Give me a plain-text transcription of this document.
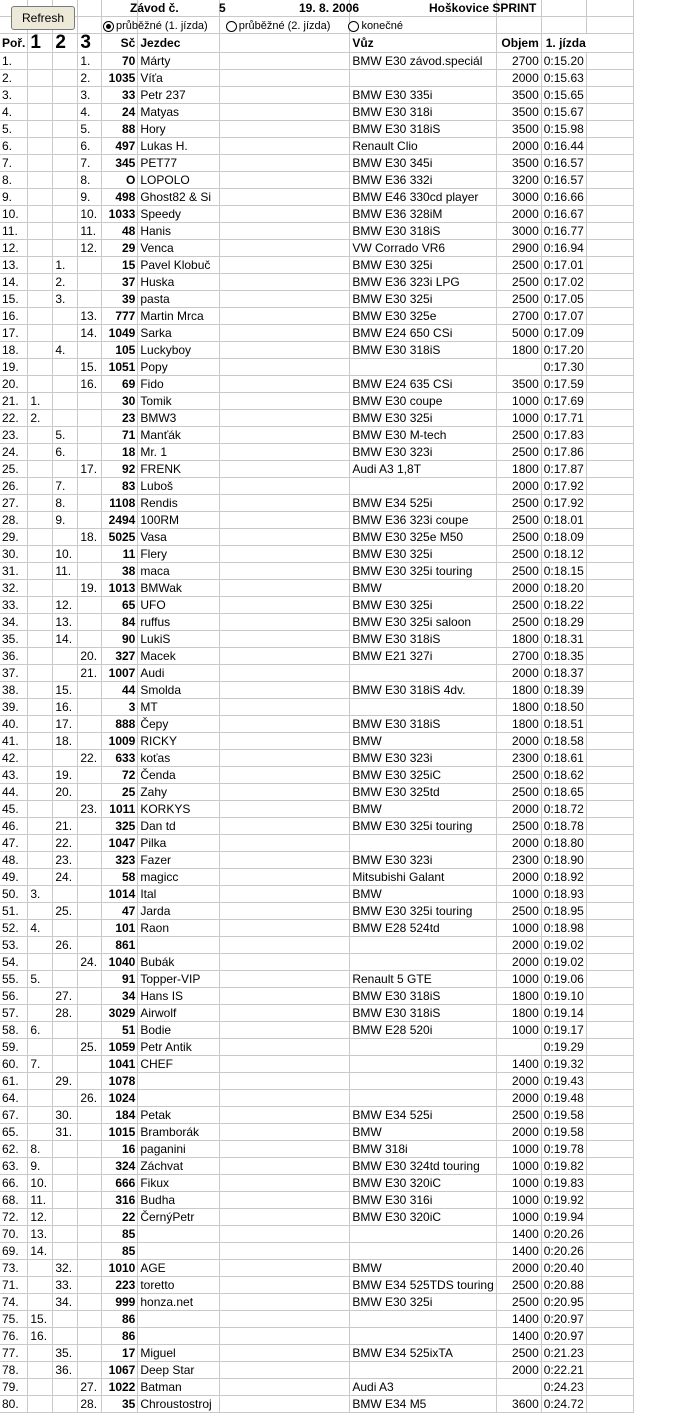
Poř.	1	2	3	Sč	Jezdec		Vůz	Objem	1. jízda	
1.			1.	70	Márty		BMW E30 závod.speciál	2700	0:15.20	
2.			2.	1035	Víťa			2000	0:15.63	
3.			3.	33	Petr 237		BMW E30 335i	3500	0:15.65	
4.			4.	24	Matyas		BMW E30 318i	3500	0:15.67	
5.			5.	88	Hory		BMW E30 318iS	3500	0:15.98	
6.			6.	497	Lukas H.		Renault Clio	2000	0:16.44	
7.			7.	345	PET77		BMW E30 345i	3500	0:16.57	
8.			8.	O	LOPOLO		BMW E36 332i	3200	0:16.57	
9.			9.	498	Ghost82 & Si		BMW E46 330cd player	3000	0:16.66	
10.			10.	1033	Speedy		BMW E36 328iM	2000	0:16.67	
11.			11.	48	Hanis		BMW E30 318iS	3000	0:16.77	
12.			12.	29	Venca		VW Corrado VR6	2900	0:16.94	
13.		1.		15	Pavel Klobuč		BMW E30 325i	2500	0:17.01	
14.		2.		37	Huska		BMW E36 323i LPG	2500	0:17.02	
15.		3.		39	pasta		BMW E30 325i	2500	0:17.05	
16.			13.	777	Martin Mrca		BMW E30 325e	2700	0:17.07	
17.			14.	1049	Sarka		BMW E24 650 CSi	5000	0:17.09	
18.		4.		105	Luckyboy		BMW E30 318iS	1800	0:17.20	
19.			15.	1051	Popy				0:17.30	
20.			16.	69	Fido		BMW E24 635 CSi	3500	0:17.59	
21.	1.			30	Tomik		BMW E30 coupe	1000	0:17.69	
22.	2.			23	BMW3		BMW E30 325i	1000	0:17.71	
23.		5.		71	Manťák		BMW E30 M-tech	2500	0:17.83	
24.		6.		18	Mr. 1		BMW E30 323i	2500	0:17.86	
25.			17.	92	FRENK		Audi A3 1,8T	1800	0:17.87	
26.		7.		83	Luboš			2000	0:17.92	
27.		8.		1108	Rendis		BMW E34 525i	2500	0:17.92	
28.		9.		2494	100RM		BMW E36 323i coupe	2500	0:18.01	
29.			18.	5025	Vasa		BMW E30 325e M50	2500	0:18.09	
30.		10.		11	Flery		BMW E30 325i	2500	0:18.12	
31.		11.		38	maca		BMW E30 325i touring	2500	0:18.15	
32.			19.	1013	BMWak		BMW	2000	0:18.20	
33.		12.		65	UFO		BMW E30 325i	2500	0:18.22	
34.		13.		84	ruffus		BMW E30 325i saloon	2500	0:18.29	
35.		14.		90	LukiS		BMW E30 318iS	1800	0:18.31	
36.			20.	327	Macek		BMW E21 327i	2700	0:18.35	
37.			21.	1007	Audi			2000	0:18.37	
38.		15.		44	Smolda		BMW E30 318iS 4dv.	1800	0:18.39	
39.		16.		3	MT			1800	0:18.50	
40.		17.		888	Čepy		BMW E30 318iS	1800	0:18.51	
41.		18.		1009	RICKY		BMW	2000	0:18.58	
42.			22.	633	koťas		BMW E30 323i	2300	0:18.61	
43.		19.		72	Čenda		BMW E30 325iC	2500	0:18.62	
44.		20.		25	Zahy		BMW E30 325td	2500	0:18.65	
45.			23.	1011	KORKYS		BMW	2000	0:18.72	
46.		21.		325	Dan td		BMW E30 325i touring	2500	0:18.78	
47.		22.		1047	Pilka			2000	0:18.80	
48.		23.		323	Fazer		BMW E30 323i	2300	0:18.90	
49.		24.		58	magicc		Mitsubishi Galant	2000	0:18.92	
50.	3.			1014	Ital		BMW	1000	0:18.93	
51.		25.		47	Jarda		BMW E30 325i touring	2500	0:18.95	
52.	4.			101	Raon		BMW E28 524td	1000	0:18.98	
53.		26.		861				2000	0:19.02	
54.			24.	1040	Bubák			2000	0:19.02	
55.	5.			91	Topper-VIP		Renault 5 GTE	1000	0:19.06	
56.		27.		34	Hans IS		BMW E30 318iS	1800	0:19.10	
57.		28.		3029	Airwolf		BMW E30 318iS	1800	0:19.14	
58.	6.			51	Bodie		BMW E28 520i	1000	0:19.17	
59.			25.	1059	Petr Antik				0:19.29	
60.	7.			1041	CHEF			1400	0:19.32	
61.		29.		1078				2000	0:19.43	
64.			26.	1024				2000	0:19.48	
67.		30.		184	Petak		BMW E34 525i	2500	0:19.58	
65.		31.		1015	Bramborák		BMW	2000	0:19.58	
62.	8.			16	paganini		BMW 318i	1000	0:19.78	
63.	9.			324	Záchvat		BMW E30 324td touring	1000	0:19.82	
66.	10.			666	Fikux		BMW E30 320iC	1000	0:19.83	
68.	11.			316	Budha		BMW E30 316i	1000	0:19.92	
72.	12.			22	ČernýPetr		BMW E30 320iC	1000	0:19.94	
70.	13.			85				1400	0:20.26	
69.	14.			85				1400	0:20.26	
73.		32.		1010	AGE		BMW	2000	0:20.40	
71.		33.		223	toretto		BMW E34 525TDS touring	2500	0:20.88	
74.		34.		999	honza.net		BMW E30 325i	2500	0:20.95	
75.	15.			86				1400	0:20.97	
76.	16.			86				1400	0:20.97	
77.		35.		17	Miguel		BMW E34 525ixTA	2500	0:21.23	
78.		36.		1067	Deep Star			2000	0:22.21	
79.			27.	1022	Batman		Audi A3		0:24.23	
80.			28.	35	Chroustostroj		BMW E34 M5	3600	0:24.72	
Refresh
Závod č.	5	19. 8. 2006	Hoškovice SPRINT
průběžné (1. jízda)	průběžné (2. jízda)	konečné
